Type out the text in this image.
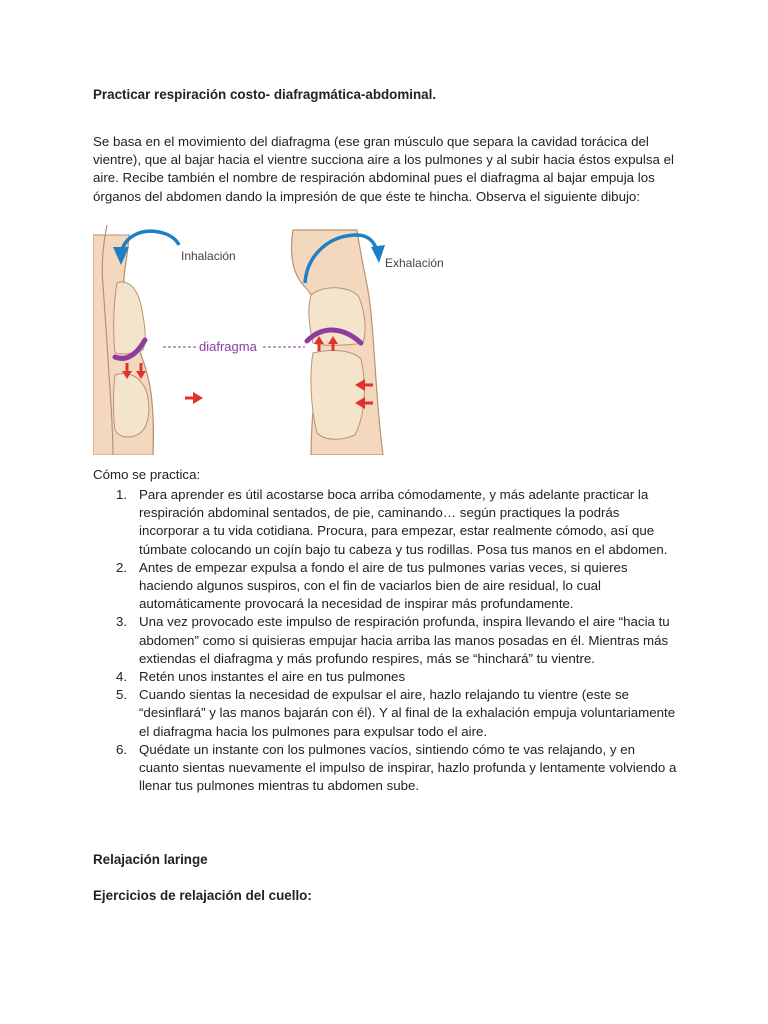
Practicar respiración costo- diafragmática-abdominal.
Se basa en el movimiento del diafragma (ese gran músculo que separa la cavidad torácica del vientre), que al bajar hacia el vientre succiona aire a los pulmones y al subir hacia éstos expulsa el aire. Recibe también el nombre de respiración abdominal pues el diafragma al bajar empuja los órganos del abdomen dando la impresión de que éste te hincha. Observa el siguiente dibujo:
Inhalación
diafragma
Exhalación
Cómo se practica:
1. Para aprender es útil acostarse boca arriba cómodamente, y más adelante practicar la respiración abdominal sentados, de pie, caminando… según practiques la podrás incorporar a tu vida cotidiana. Procura, para empezar, estar realmente cómodo, así que túmbate colocando un cojín bajo tu cabeza y tus rodillas. Posa tus manos en el abdomen.
2. Antes de empezar expulsa a fondo el aire de tus pulmones varias veces, si quieres haciendo algunos suspiros, con el fin de vaciarlos bien de aire residual, lo cual automáticamente provocará la necesidad de inspirar más profundamente.
3. Una vez provocado este impulso de respiración profunda, inspira llevando el aire “hacia tu abdomen” como si quisieras empujar hacia arriba las manos posadas en él. Mientras más extiendas el diafragma y más profundo respires, más se “hinchará” tu vientre.
4. Retén unos instantes el aire en tus pulmones
5. Cuando sientas la necesidad de expulsar el aire, hazlo relajando tu vientre (este se “desinflará” y las manos bajarán con él). Y al final de la exhalación empuja voluntariamente el diafragma hacia los pulmones para expulsar todo el aire.
6. Quédate un instante con los pulmones vacíos, sintiendo cómo te vas relajando, y en cuanto sientas nuevamente el impulso de inspirar, hazlo profunda y lentamente volviendo a llenar tus pulmones mientras tu abdomen sube.
Relajación laringe
Ejercicios de relajación del cuello:
